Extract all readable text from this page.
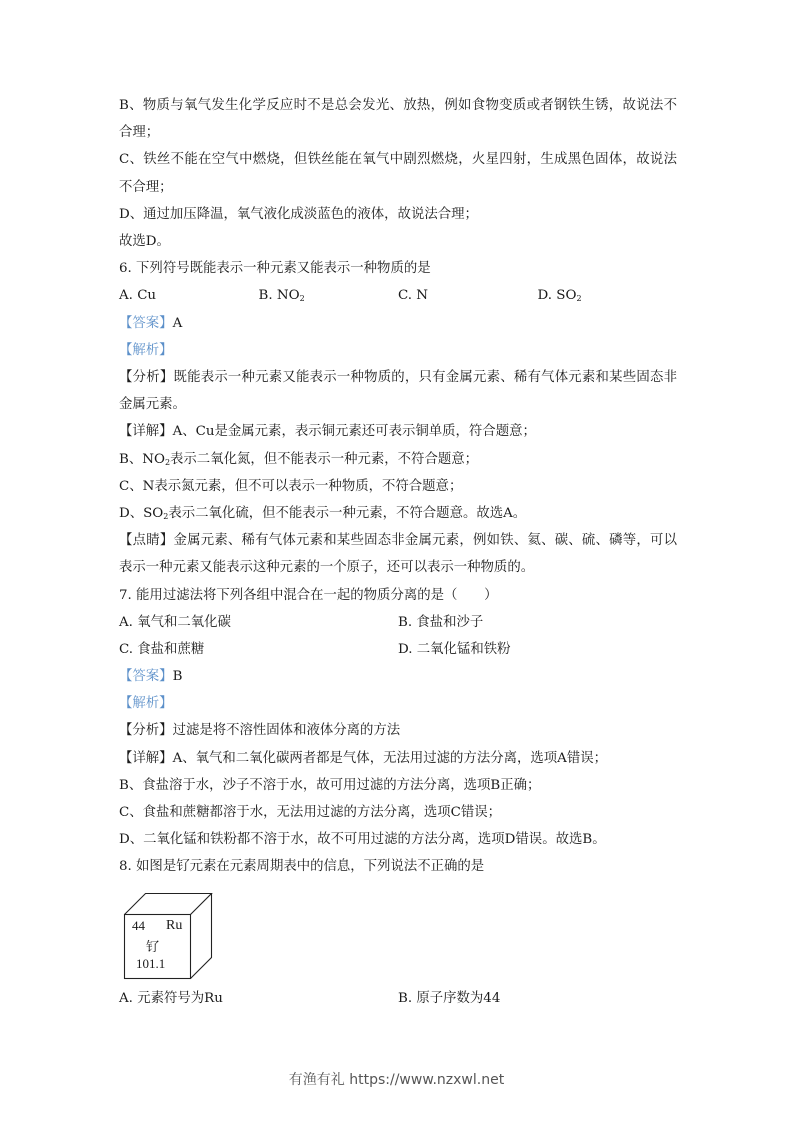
B、物质与氧气发生化学反应时不是总会发光、放热，例如食物变质或者钢铁生锈，故说法不合理；
C、铁丝不能在空气中燃烧，但铁丝能在氧气中剧烈燃烧，火星四射，生成黑色固体，故说法不合理；
D、通过加压降温，氧气液化成淡蓝色的液体，故说法合理；
故选D。
6. 下列符号既能表示一种元素又能表示一种物质的是
A. Cu	B. $NO_2$	C. N	D. $SO_2$
【答案】A
【解析】
【分析】既能表示一种元素又能表示一种物质的，只有金属元素、稀有气体元素和某些固态非金属元素。
【详解】A、Cu是金属元素，表示铜元素还可表示铜单质，符合题意；
B、$NO_2$表示二氧化氮，但不能表示一种元素，不符合题意；
C、N表示氮元素，但不可以表示一种物质，不符合题意；
D、$SO_2$表示二氧化硫，但不能表示一种元素，不符合题意。故选A。
【点睛】金属元素、稀有气体元素和某些固态非金属元素，例如铁、氦、碳、硫、磷等，可以表示一种元素又能表示这种元素的一个原子，还可以表示一种物质的。
7. 能用过滤法将下列各组中混合在一起的物质分离的是（　　）
A. 氧气和二氧化碳	B. 食盐和沙子
C. 食盐和蔗糖	D. 二氧化锰和铁粉
【答案】B
【解析】
【分析】过滤是将不溶性固体和液体分离的方法
【详解】A、氧气和二氧化碳两者都是气体，无法用过滤的方法分离，选项A错误；
B、食盐溶于水，沙子不溶于水，故可用过滤的方法分离，选项B正确；
C、食盐和蔗糖都溶于水，无法用过滤的方法分离，选项C错误；
D、二氧化锰和铁粉都不溶于水，故不可用过滤的方法分离，选项D错误。故选B。
8. 如图是钌元素在元素周期表中的信息，下列说法不正确的是
44 Ru
钌
101.1
A. 元素符号为Ru	B. 原子序数为44
有渔有礼 https://www.nzxwl.net
